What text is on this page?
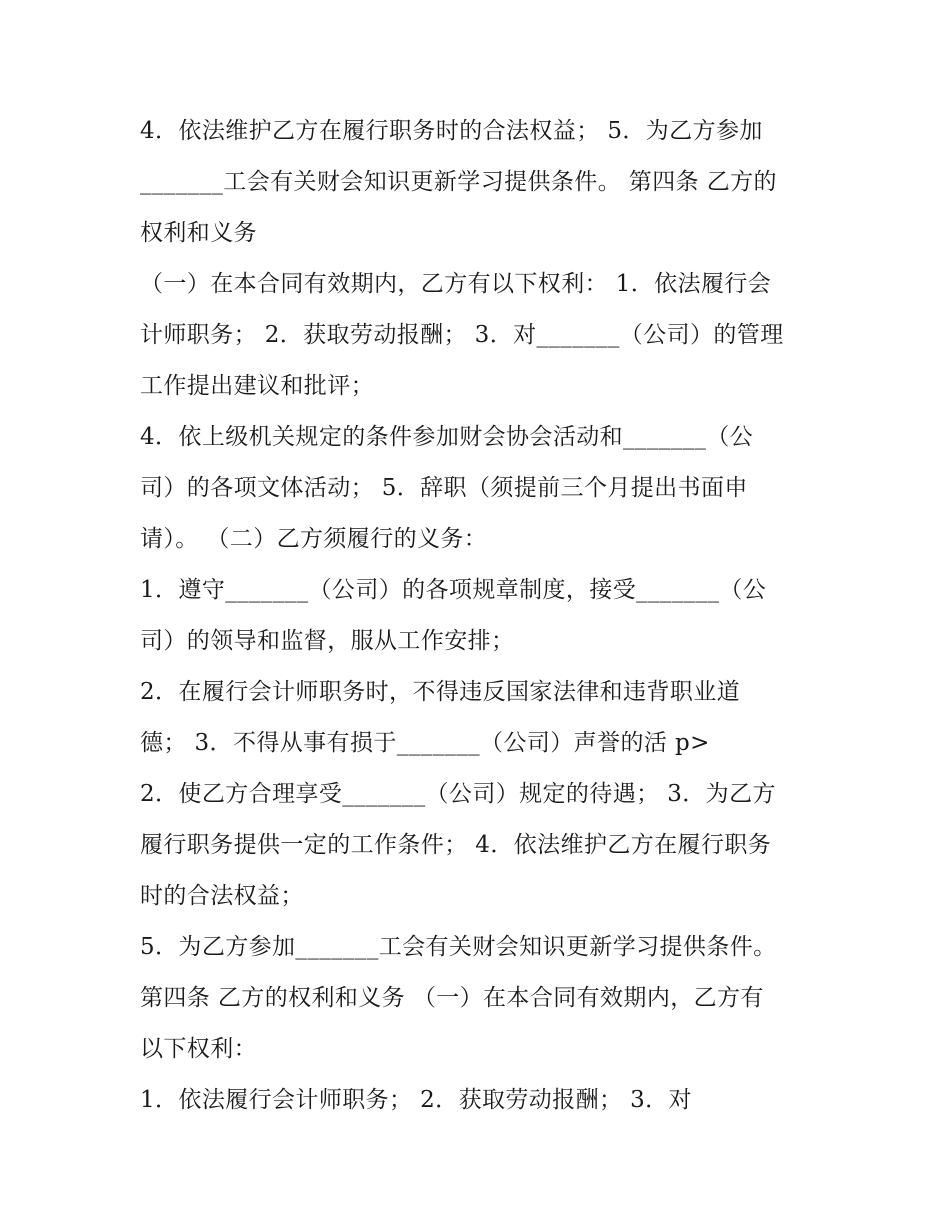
4．依法维护乙方在履行职务时的合法权益； 5．为乙方参加
_______工会有关财会知识更新学习提供条件。 第四条 乙方的
权利和义务
（一）在本合同有效期内，乙方有以下权利： 1．依法履行会
计师职务； 2．获取劳动报酬； 3．对_______（公司）的管理
工作提出建议和批评；
4．依上级机关规定的条件参加财会协会活动和_______（公
司）的各项文体活动； 5．辞职（须提前三个月提出书面申
请）。 （二）乙方须履行的义务：
1．遵守_______（公司）的各项规章制度，接受_______（公
司）的领导和监督，服从工作安排；
2．在履行会计师职务时，不得违反国家法律和违背职业道
德； 3．不得从事有损于_______（公司）声誉的活 p>
2．使乙方合理享受_______（公司）规定的待遇； 3．为乙方
履行职务提供一定的工作条件； 4．依法维护乙方在履行职务
时的合法权益；
5．为乙方参加_______工会有关财会知识更新学习提供条件。
第四条 乙方的权利和义务 （一）在本合同有效期内，乙方有
以下权利：
1．依法履行会计师职务； 2．获取劳动报酬； 3．对
